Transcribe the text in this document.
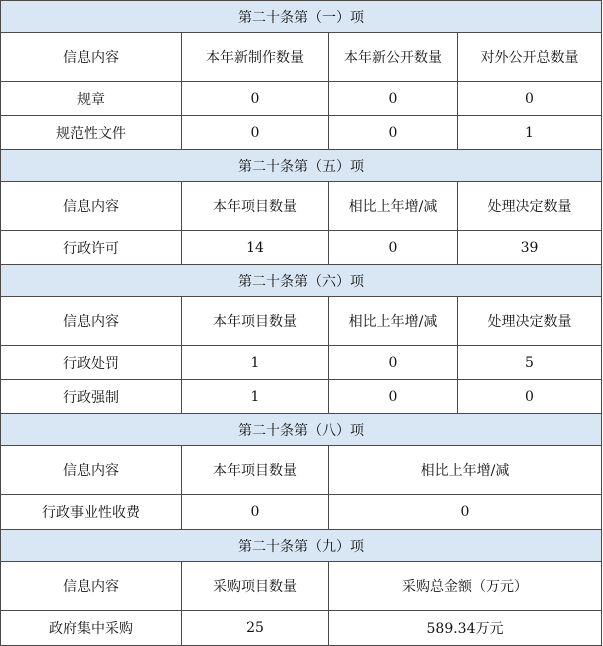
第二十条第（一）项			
信息内容	本年新制作数量	本年新公开数量	对外公开总数量
规章	0	0	0
规范性文件	0	0	1
第二十条第（五）项			
信息内容	本年项目数量	相比上年增/减	处理决定数量
行政许可	14	0	39
第二十条第（六）项			
信息内容	本年项目数量	相比上年增/减	处理决定数量
行政处罚	1	0	5
行政强制	1	0	0
第二十条第（八）项			
信息内容	本年项目数量	相比上年增/减	
行政事业性收费	0	0	
第二十条第（九）项			
信息内容	采购项目数量	采购总金额（万元）	
政府集中采购	25	589.34万元	
